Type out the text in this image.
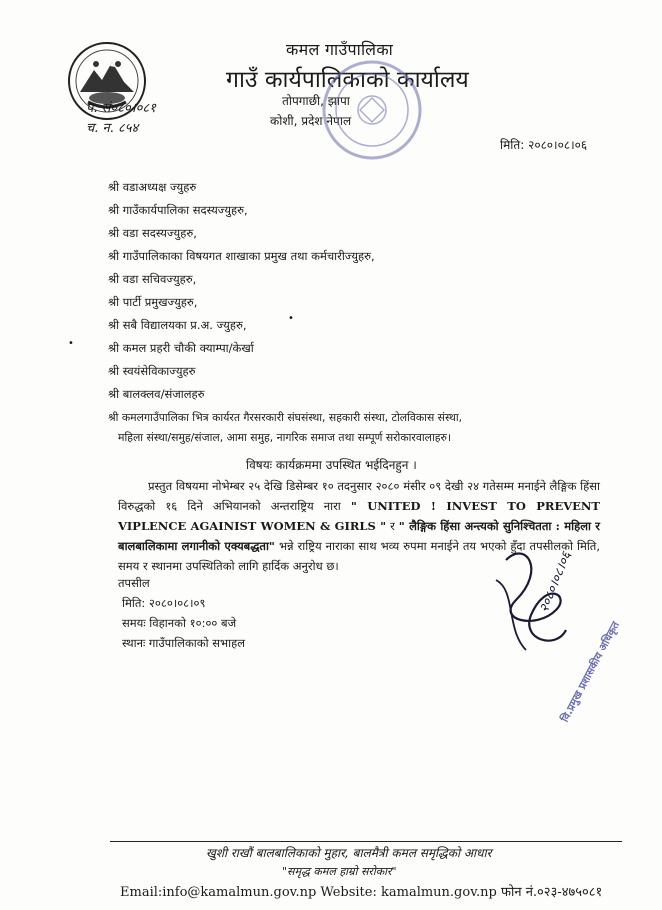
कमल गाउँपालिका
गाउँ कार्यपालिकाको कार्यालय
तोपगाछी, झापा
कोशी, प्रदेश नेपाल
प. सं०८०।०८१
च. न. ८५४
मिति: २०८०।०८।०६
श्री वडाअध्यक्ष ज्युहरु
श्री गाउँकार्यपालिका सदस्यज्युहरु,
श्री वडा सदस्यज्युहरु,
श्री गाउँपालिकाका विषयगत शाखाका प्रमुख तथा कर्मचारीज्युहरु,
श्री वडा सचिवज्युहरु,
श्री पार्टी प्रमुखज्युहरु,
श्री सबै विद्यालयका प्र.अ. ज्युहरु,
श्री कमल प्रहरी चौकी क्याम्पा/केर्खा
श्री स्वयंसेविकाज्युहरु
श्री बालक्लव/संजालहरु
श्री कमलगाउँपालिका भित्र कार्यरत गैरसरकारी संघसंस्था, सहकारी संस्था, टोलविकास संस्था,
महिला संस्था/समुह/संजाल, आमा समुह, नागरिक समाज तथा सम्पूर्ण सरोकारवालाहरु।
विषयः कार्यक्रममा उपस्थित भईदिनहुन ।
प्रस्तुत विषयमा नोभेम्बर २५ देखि डिसेम्बर १० तदनुसार २०८० मंसीर ०९ देखी २४ गतेसम्म मनाईने लैङ्गिक हिंसा विरुद्धको १६ दिने अभियानको अन्तराष्ट्रिय नारा " UNITED ! INVEST TO PREVENT VIPLENCE AGAINIST WOMEN & GIRLS " र " लैङ्गिक हिंसा अन्त्यको सुनिश्चितता : महिला र बालबालिकामा लगानीको एक्यबद्धता" भन्ने राष्ट्रिय नाराका साथ भव्य रुपमा मनाईने तय भएको हुँदा तपसीलको मिति, समय र स्थानमा उपस्थितिको लागि हार्दिक अनुरोध छ।
तपसील
मिति: २०८०।०८।०९
समयः विहानको १०:०० बजे
स्थानः गाउँपालिकाको सभाहल
२०८०।०८।०६
वि.प्रमुख प्रशासकीय अधिकृत
•
•
खुशी राखौं बालबालिकाको मुहार, बालमैत्री कमल समृद्धिको आधार
"समृद्ध कमल हाम्रो सरोकार"
Email:info@kamalmun.gov.np Website: kamalmun.gov.np फोन नं.०२३-४७५०८१
